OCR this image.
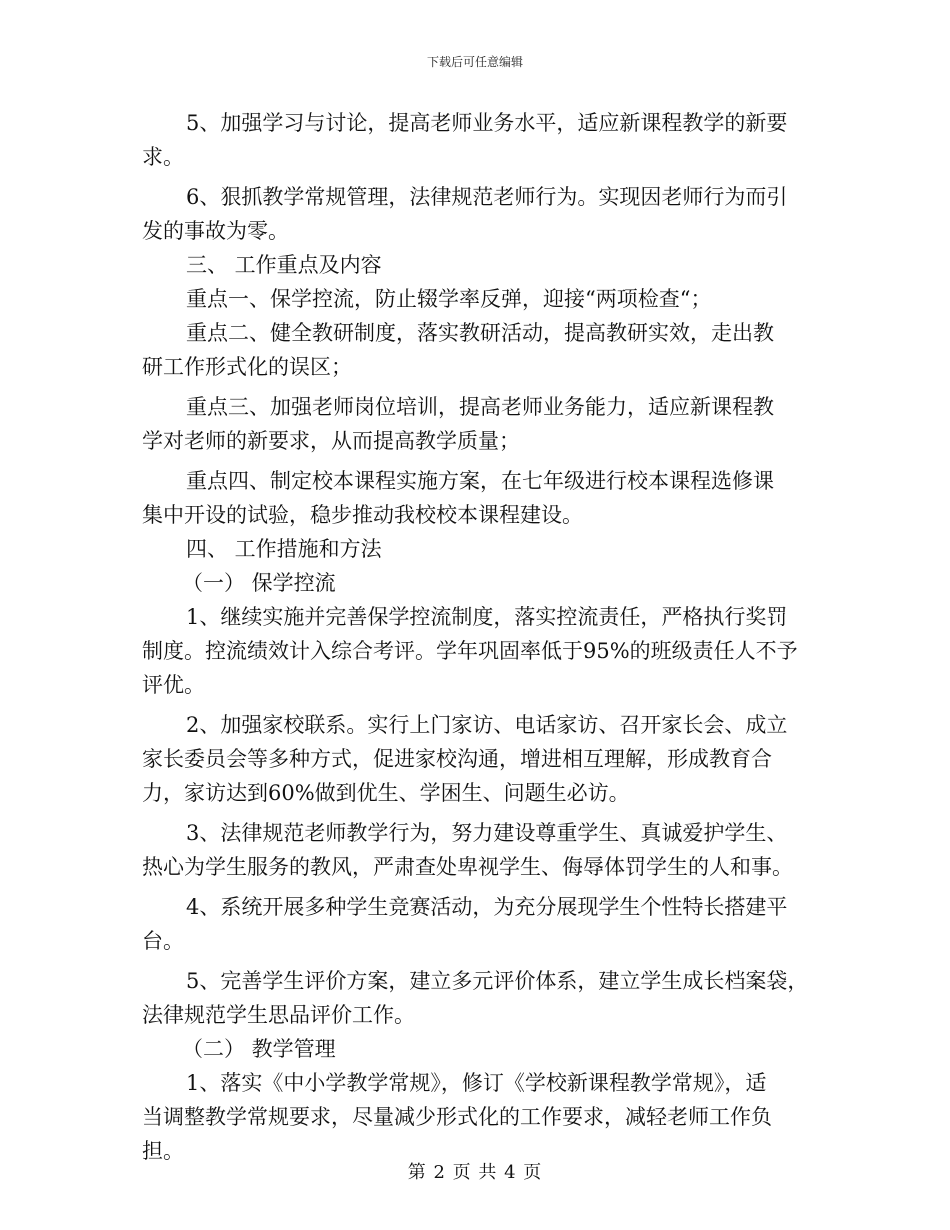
下载后可任意编辑
5、加强学习与讨论，提高老师业务水平，适应新课程教学的新要
求。
6、狠抓教学常规管理，法律规范老师行为。实现因老师行为而引
发的事故为零。
三、 工作重点及内容
重点一、保学控流，防止辍学率反弹，迎接“两项检查“；
重点二、健全教研制度，落实教研活动，提高教研实效，走出教
研工作形式化的误区；
重点三、加强老师岗位培训，提高老师业务能力，适应新课程教
学对老师的新要求，从而提高教学质量；
重点四、制定校本课程实施方案，在七年级进行校本课程选修课
集中开设的试验，稳步推动我校校本课程建设。
四、 工作措施和方法
（一） 保学控流
1、继续实施并完善保学控流制度，落实控流责任，严格执行奖罚
制度。控流绩效计入综合考评。学年巩固率低于95%的班级责任人不予
评优。
2、加强家校联系。实行上门家访、电话家访、召开家长会、成立
家长委员会等多种方式，促进家校沟通，增进相互理解，形成教育合
力，家访达到60%做到优生、学困生、问题生必访。
3、法律规范老师教学行为，努力建设尊重学生、真诚爱护学生、
热心为学生服务的教风，严肃查处卑视学生、侮辱体罚学生的人和事。
4、系统开展多种学生竞赛活动，为充分展现学生个性特长搭建平
台。
5、完善学生评价方案，建立多元评价体系，建立学生成长档案袋，
法律规范学生思品评价工作。
（二） 教学管理
1、落实《中小学教学常规》，修订《学校新课程教学常规》，适
当调整教学常规要求，尽量减少形式化的工作要求，减轻老师工作负
担。
第 2 页 共 4 页
